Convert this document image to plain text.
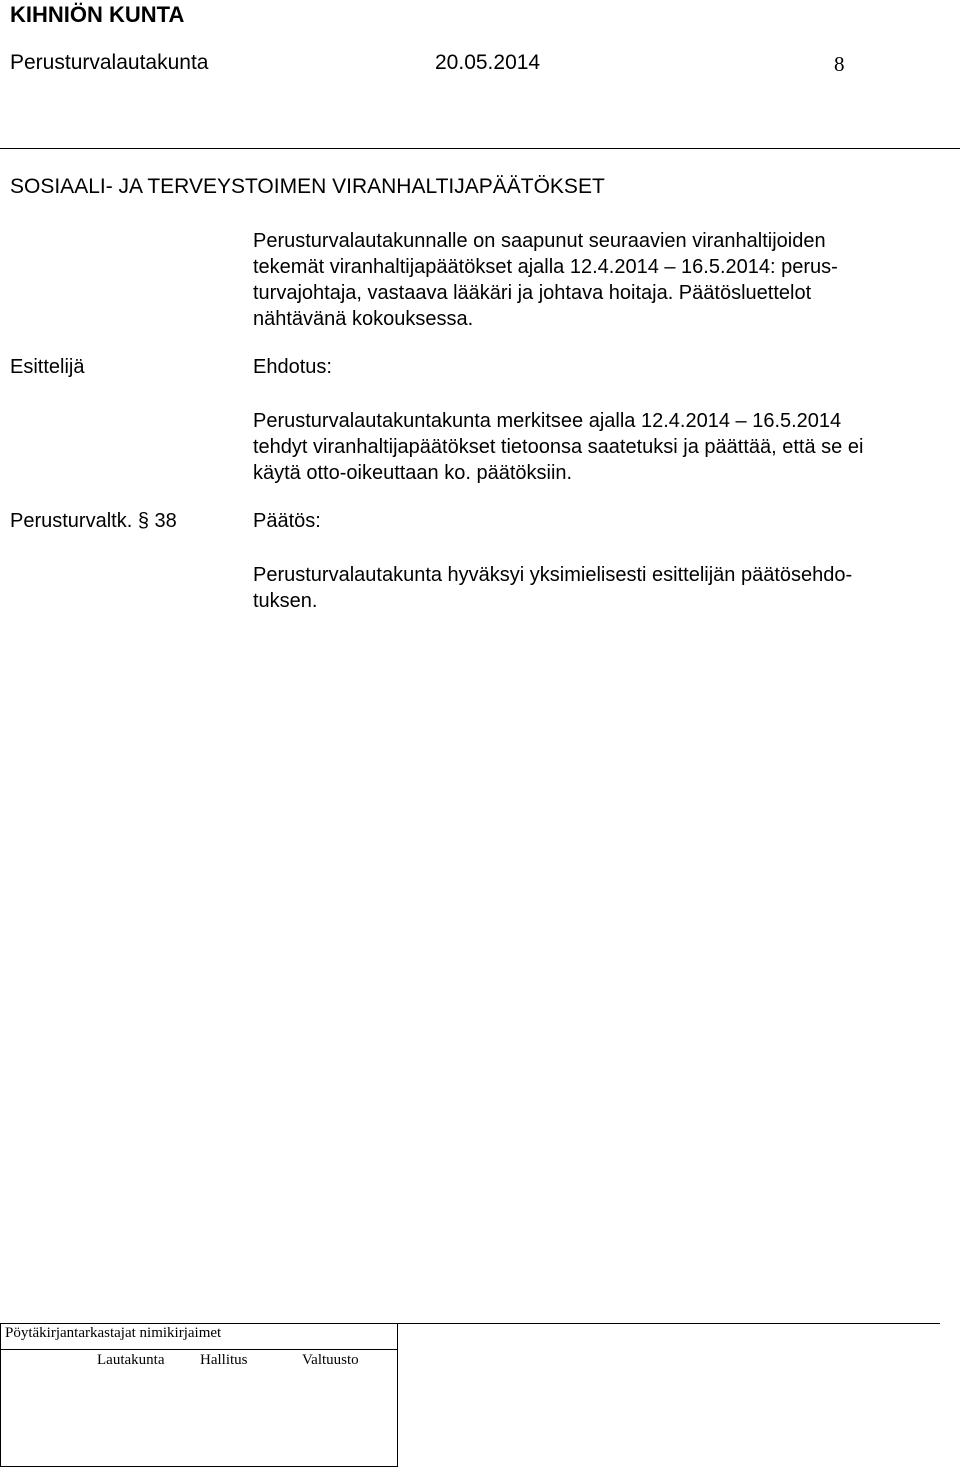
KIHNIÖN KUNTA
Perusturvalautakunta	20.05.2014	8
SOSIAALI- JA TERVEYSTOIMEN VIRANHALTIJAPÄÄTÖKSET
Perusturvalautakunnalle on saapunut seuraavien viranhaltijoiden
tekemät viranhaltijapäätökset ajalla 12.4.2014 – 16.5.2014: perus-
turvajohtaja, vastaava lääkäri ja johtava hoitaja. Päätösluettelot
nähtävänä kokouksessa.
Esittelijä	Ehdotus:
Perusturvalautakuntakunta merkitsee ajalla 12.4.2014 – 16.5.2014
tehdyt viranhaltijapäätökset tietoonsa saatetuksi ja päättää, että se ei
käytä otto-oikeuttaan ko. päätöksiin.
Perusturvaltk. § 38	Päätös:
Perusturvalautakunta hyväksyi yksimielisesti esittelijän päätösehdo-
tuksen.
Pöytäkirjantarkastajat nimikirjaimet
Lautakunta Hallitus	Valtuusto
